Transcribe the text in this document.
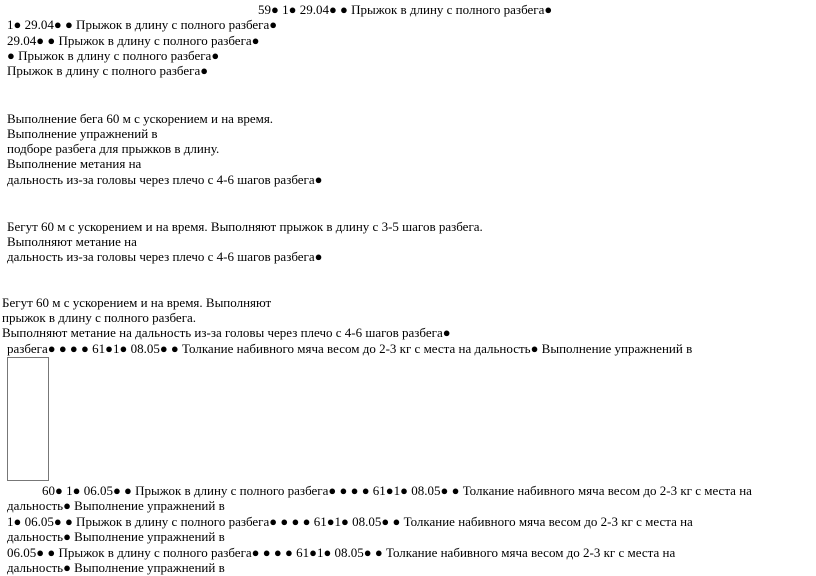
59● 1● 29.04● ● Прыжок в длину с полного разбега●
1● 29.04● ● Прыжок в длину с полного разбега●
29.04● ● Прыжок в длину с полного разбега●
● Прыжок в длину с полного разбега●
Прыжок в длину с полного разбега●
Выполнение бега 60 м с ускорением и на время.
Выполнение упражнений в
подборе разбега для прыжков в длину.
Выполнение метания на
дальность из-за головы через плечо с 4-6 шагов разбега●
Бегут 60 м с ускорением и на время. Выполняют прыжок в длину с 3-5 шагов разбега.
Выполняют метание на
дальность из-за головы через плечо с 4-6 шагов разбега●
Бегут 60 м с ускорением и на время. Выполняют
прыжок в длину с полного разбега.
Выполняют метание на дальность из-за головы через плечо с 4-6 шагов разбега●
разбега● ● ● ● 61●1● 08.05● ● Толкание набивного мяча весом до 2-3 кг с места на дальность● Выполнение упражнений в
60● 1● 06.05● ● Прыжок в длину с полного разбега● ● ● ● 61●1● 08.05● ● Толкание набивного мяча весом до 2-3 кг с места на
дальность● Выполнение упражнений в
1● 06.05● ● Прыжок в длину с полного разбега● ● ● ● 61●1● 08.05● ● Толкание набивного мяча весом до 2-3 кг с места на
дальность● Выполнение упражнений в
06.05● ● Прыжок в длину с полного разбега● ● ● ● 61●1● 08.05● ● Толкание набивного мяча весом до 2-3 кг с места на
дальность● Выполнение упражнений в
